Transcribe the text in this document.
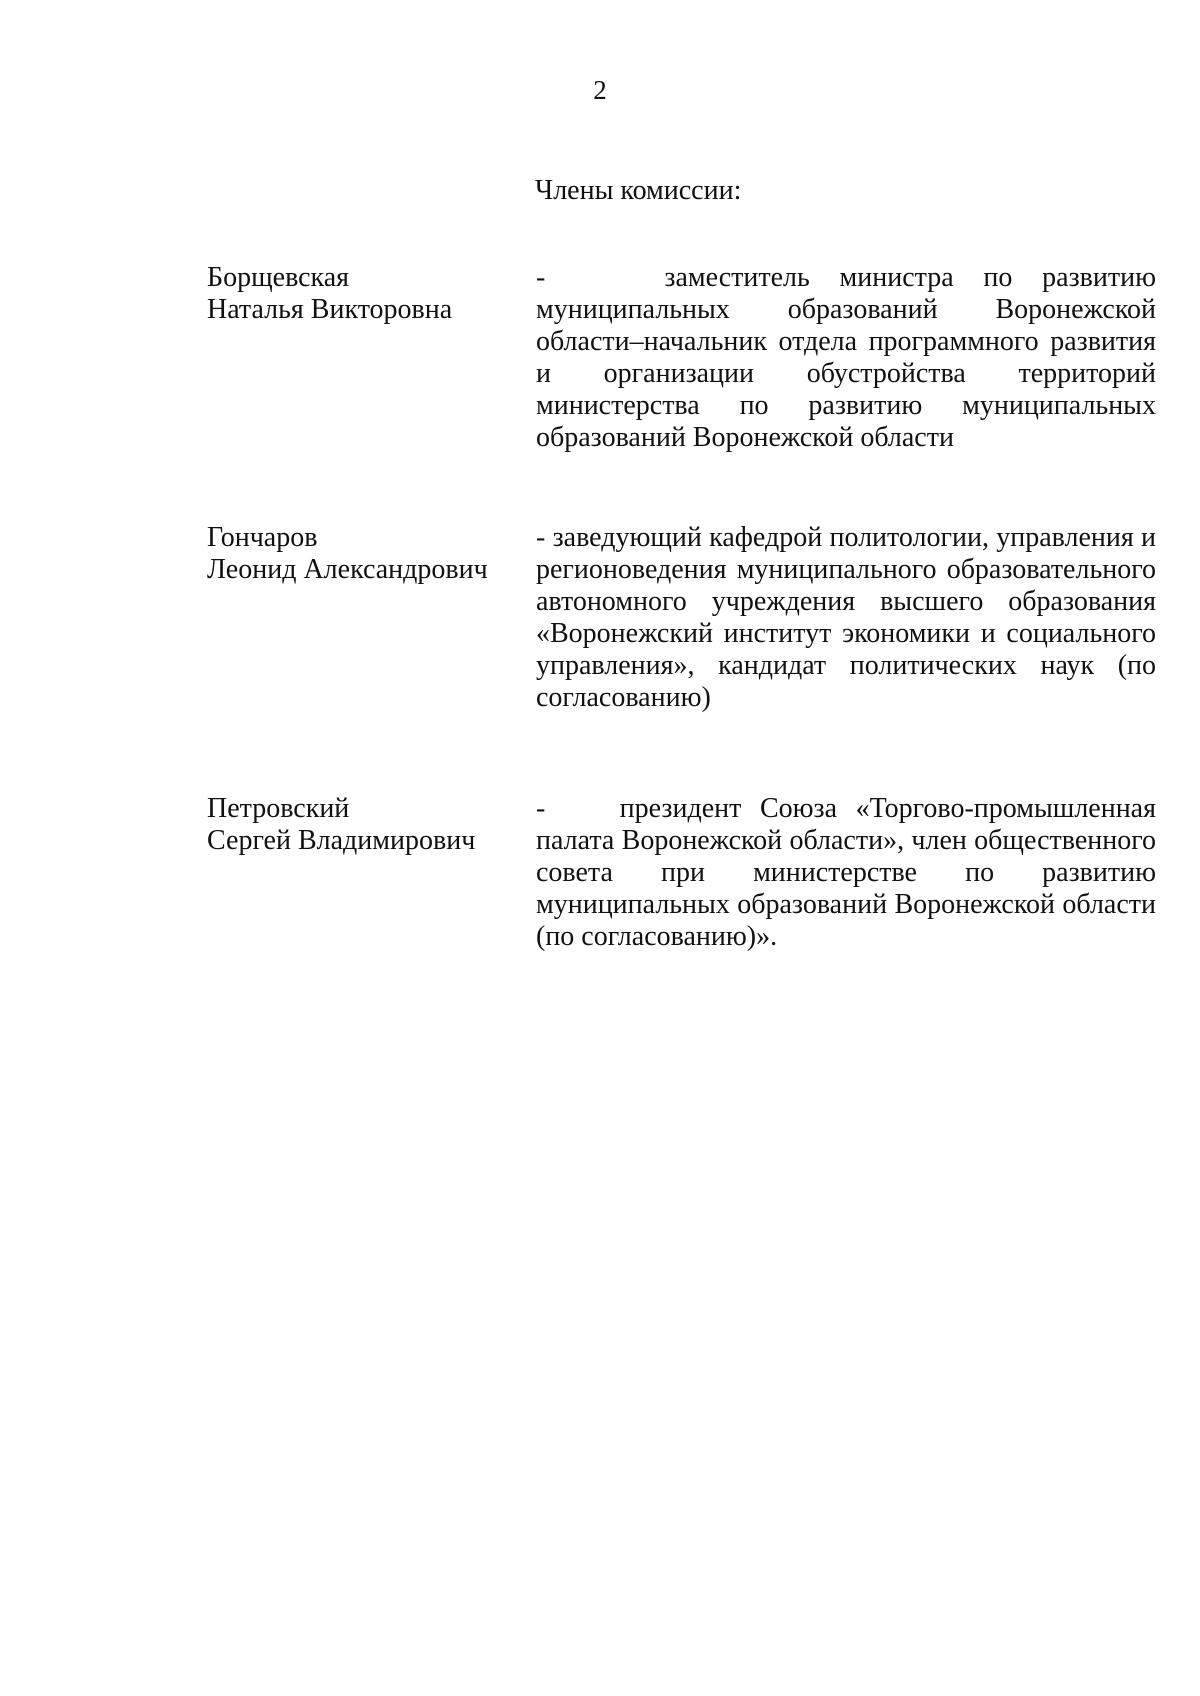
2
Члены комиссии:
Борщевская
Наталья Викторовна
-    заместитель министра по развитию муниципальных образований Воронежской области–начальник отдела программного развития и организации обустройства территорий министерства по развитию муниципальных образований Воронежской области
Гончаров
Леонид Александрович
- заведующий кафедрой политологии, управления и регионоведения муниципального образовательного автономного учреждения высшего образования «Воронежский институт экономики и социального управления», кандидат политических наук (по согласованию)
Петровский
Сергей Владимирович
-    президент Союза «Торгово-промышленная палата Воронежской области», член общественного совета при министерстве по развитию муниципальных образований Воронежской области (по согласованию)».
